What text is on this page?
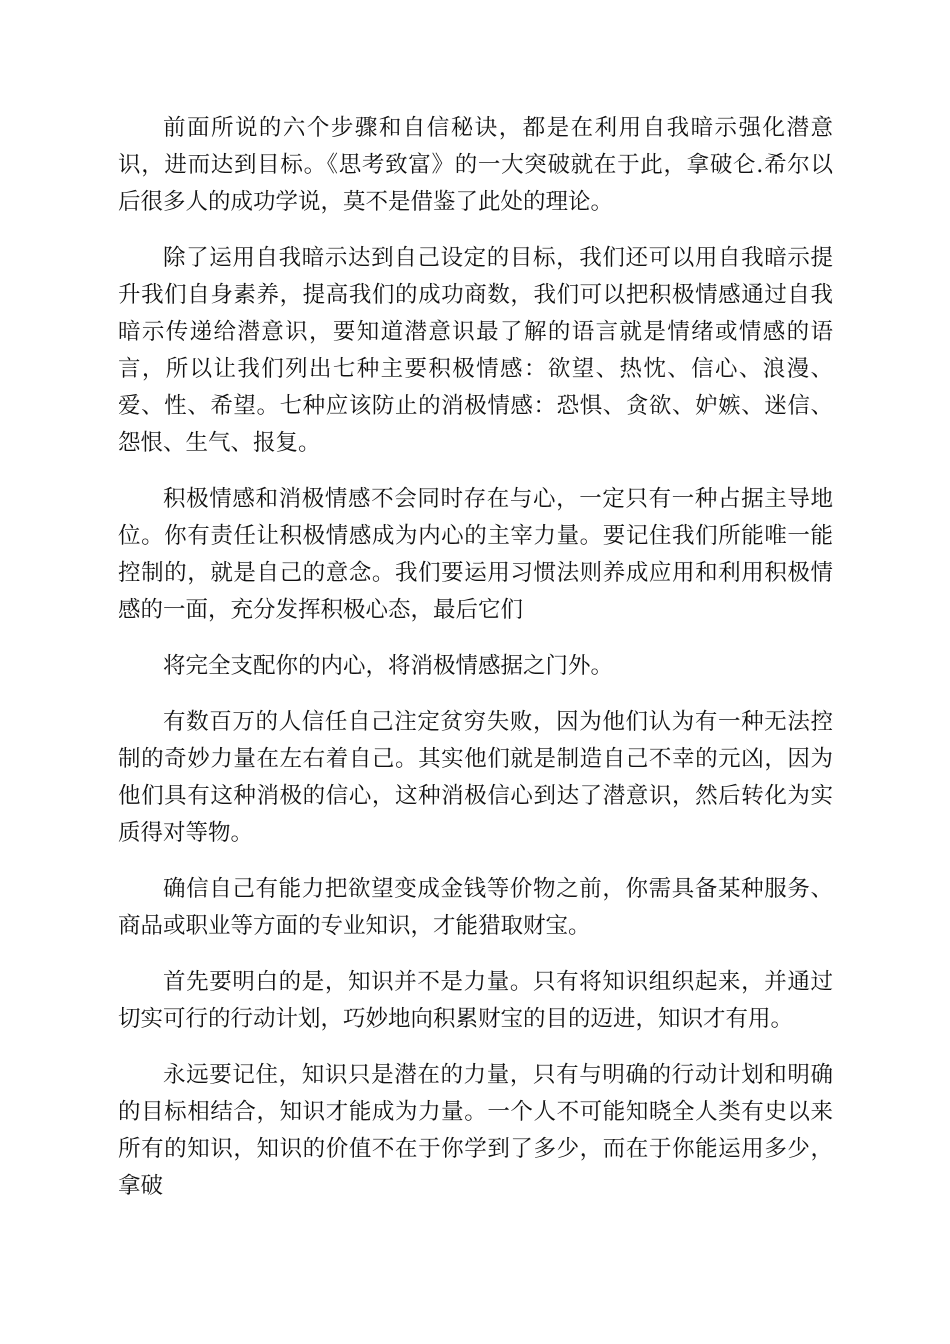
前面所说的六个步骤和自信秘诀，都是在利用自我暗示强化潜意识，进而达到目标。《思考致富》的一大突破就在于此，拿破仑.希尔以后很多人的成功学说，莫不是借鉴了此处的理论。

除了运用自我暗示达到自己设定的目标，我们还可以用自我暗示提升我们自身素养，提高我们的成功商数，我们可以把积极情感通过自我暗示传递给潜意识，要知道潜意识最了解的语言就是情绪或情感的语言，所以让我们列出七种主要积极情感：欲望、热忱、信心、浪漫、爱、性、希望。七种应该防止的消极情感：恐惧、贪欲、妒嫉、迷信、怨恨、生气、报复。

积极情感和消极情感不会同时存在与心，一定只有一种占据主导地位。你有责任让积极情感成为内心的主宰力量。要记住我们所能唯一能控制的，就是自己的意念。我们要运用习惯法则养成应用和利用积极情感的一面，充分发挥积极心态，最后它们

将完全支配你的内心，将消极情感据之门外。

有数百万的人信任自己注定贫穷失败，因为他们认为有一种无法控制的奇妙力量在左右着自己。其实他们就是制造自己不幸的元凶，因为他们具有这种消极的信心，这种消极信心到达了潜意识，然后转化为实质得对等物。

确信自己有能力把欲望变成金钱等价物之前，你需具备某种服务、商品或职业等方面的专业知识，才能猎取财宝。

首先要明白的是，知识并不是力量。只有将知识组织起来，并通过切实可行的行动计划，巧妙地向积累财宝的目的迈进，知识才有用。

永远要记住，知识只是潜在的力量，只有与明确的行动计划和明确的目标相结合，知识才能成为力量。一个人不可能知晓全人类有史以来所有的知识，知识的价值不在于你学到了多少，而在于你能运用多少，拿破
